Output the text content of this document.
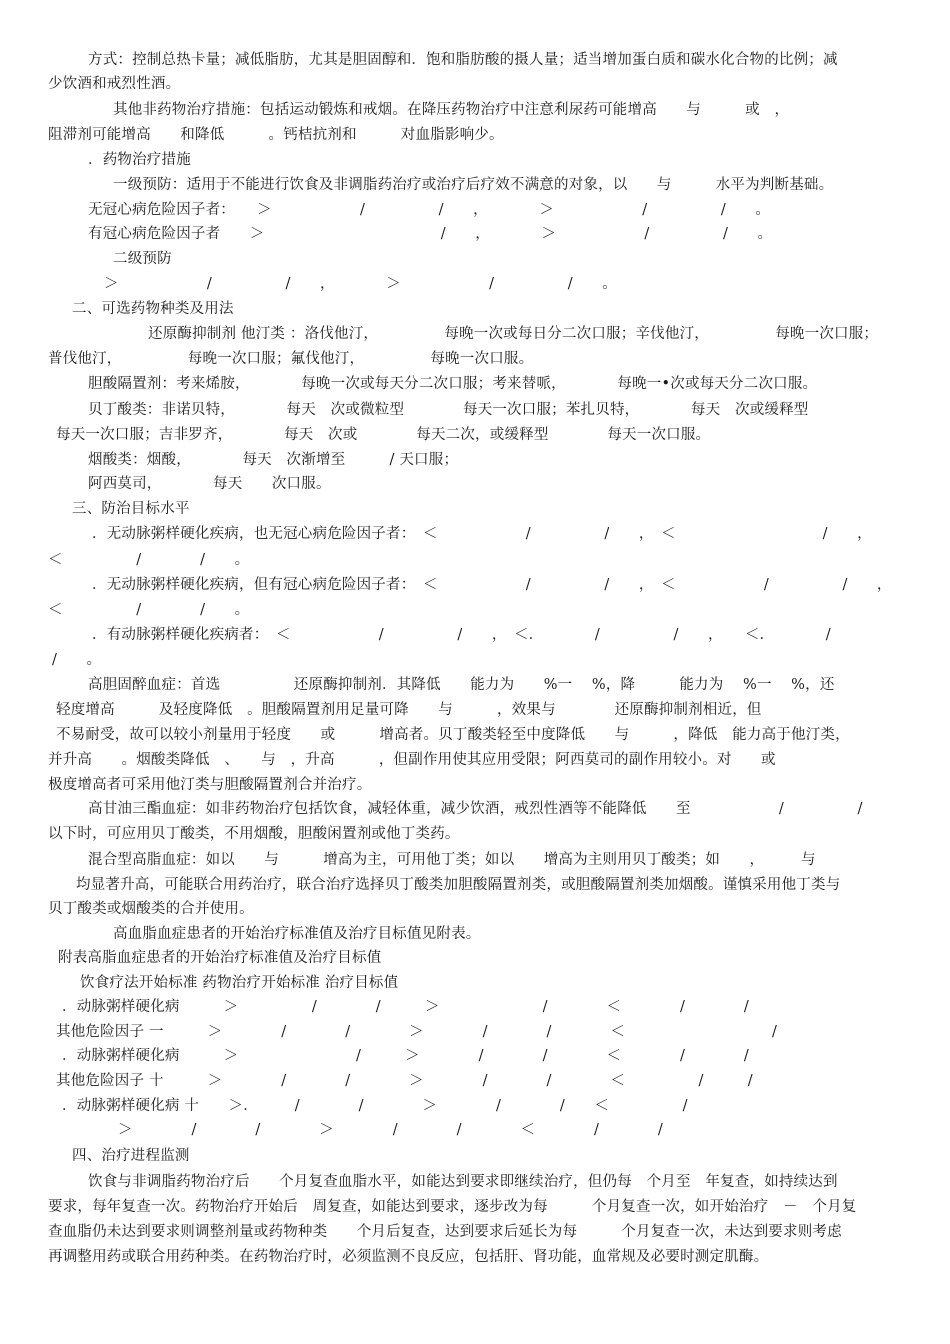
方式：控制总热卡量；减低脂肪，尤其是胆固醇和．饱和脂肪酸的摄人量；适当增加蛋白质和碳水化合物的比例；减
少饮酒和戒烈性酒。
其他非药物治疗措施：包括运动锻炼和戒烟。在降压药物治疗中注意利尿药可能增高　　与　　　或　，
阻滞剂可能增高　　和降低　　　。钙桔抗剂和　　　对血脂影响少。
．药物治疗措施
一级预防：适用于不能进行饮食及非调脂药治疗或治疗后疗效不满意的对象，以　　与　　　水平为判断基础。
无冠心病危险因子者：　　＞　　　　　　/　　　　　/　　，　　　　＞　　　　　　/　　　　　/　　。
有冠心病危险因子者　　＞　　　　　　　　　　　　/　　，　　　　＞　　　　　　/　　　　　/　　。
二级预防
＞　　　　　　/　　　　　/　　，　　　　＞　　　　　　/　　　　　/　　。
二、可选药物种类及用法
还原酶抑制剂 他汀类 ：洛伐他汀，　　　　　每晚一次或每日分二次口服；辛伐他汀，　　　　　每晚一次口服；
普伐他汀，　　　　　每晚一次口服；氟伐他汀，　　　　　每晚一次口服。
胆酸隔置剂：考来烯胺，　　　　每晚一次或每天分二次口服；考来替哌，　　　　每晚一•次或每天分二次口服。
贝丁酸类：非诺贝特，　　　　每天　次或微粒型　　　　每天一次口服；苯扎贝特，　　　　每天　次或缓释型
每天一次口服；吉非罗齐，　　　　每天　次或　　　　每天二次，或缓释型　　　　每天一次口服。
烟酸类：烟酸，　　　　每天　次渐增至　　　/ 天口服；
阿西莫司，　　　　每天　　次口服。
三、防治目标水平
．无动脉粥样硬化疾病，也无冠心病危险因子者：　＜　　　　　　/　　　　　/　　，　＜　　　　　　　　　　/　　，
＜　　　　　/　　　　/　　。
．无动脉粥样硬化疾病，但有冠心病危险因子者：　＜　　　　　　/　　　　　/　　，　＜　　　　　　/　　　　　/　　，
＜　　　　　/　　　　/　　。
．有动脉粥样硬化疾病者：　＜　　　　　　/　　　　　/　　，　＜．　　　　/　　　　　/　　，　　＜．　　　　/
/　　。
高胆固醉血症：首选　　　　　还原酶抑制剂．其降低　　能力为　　%一　 %，降　　　能力为　 %一　 %，还
轻度增高　　　及轻度降低　。胆酸隔置剂用足量可降　　与　　　，效果与　　　　还原酶抑制剂相近，但
不易耐受，故可以较小剂量用于轻度　　或　　　增高者。贝丁酸类轻至中度降低　　与　　　，降低　能力高于他汀类，
并升高　　。烟酸类降低　、　　与　，升高　　　，但副作用使其应用受限；阿西莫司的副作用较小。对　　或
极度增高者可采用他汀类与胆酸隔置剂合并治疗。
高甘油三酯血症：如非药物治疗包括饮食，减轻体重，减少饮酒，戒烈性酒等不能降低　　至　　　　　　/　　　　　/
以下时，可应用贝丁酸类，不用烟酸，胆酸闲置剂或他丁类药。
混合型高脂血症：如以　　与　　　增高为主，可用他丁类；如以　　增高为主则用贝丁酸类；如　　，　　　与
均显著升高，可能联合用药治疗，联合治疗选择贝丁酸类加胆酸隔置剂类，或胆酸隔置剂类加烟酸。谨慎采用他丁类与
贝丁酸类或烟酸类的合并使用。
高血脂血症患者的开始治疗标准值及治疗目标值见附表。
附表高脂血症患者的开始治疗标准值及治疗目标值
饮食疗法开始标准 药物治疗开始标准 治疗目标值
．动脉粥样硬化病　　　＞　　　　　/　　　　/　　　＞　　　　　　　/　　　　＜　　　　/　　　　/
其他危险因子 一　　　＞　　　　/　　　　/　　　　＞　　　　/　　　　/　　　　＜　　　　　　　　　　/
．动脉粥样硬化病　　　＞　　　　　　　　/　　　＞　　　　/　　　　/　　　　＜　　　　/　　　　/
其他危险因子 十　　　＞　　　　/　　　　/　　　　＞　　　　/　　　　/　　　　＜　　　　　/　　　/
．动脉粥样硬化病 十　　＞．　　　/　　　　/　　　　＞　　　　/　　　　/　　＜　　　　　/
＞　　　　/　　　　/　　　　＞　　　　/　　　　/　　　　＜　　　　/　　　　/
四、治疗进程监测
饮食与非调脂药物治疗后　　个月复查血脂水平，如能达到要求即继续治疗，但仍每　个月至　年复查，如持续达到
要求，每年复查一次。药物治疗开始后　周复查，如能达到要求，逐步改为每　　　个月复查一次，如开始治疗　－　个月复
查血脂仍未达到要求则调整剂量或药物种类　　个月后复查，达到要求后延长为每　　　个月复查一次，未达到要求则考虑
再调整用药或联合用药种类。在药物治疗时，必须监测不良反应，包括肝、肾功能，血常规及必要时测定肌酶。
